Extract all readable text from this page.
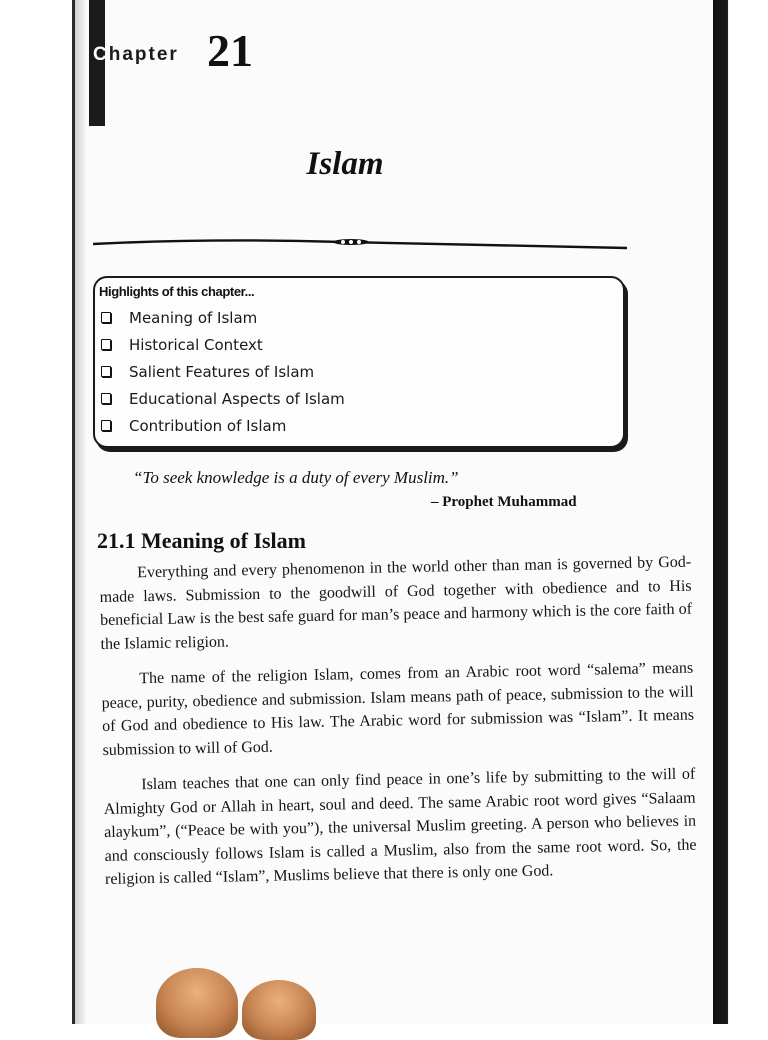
Chapter 21
Islam
Highlights of this chapter...
Meaning of Islam
Historical Context
Salient Features of Islam
Educational Aspects of Islam
Contribution of Islam
“To seek knowledge is a duty of every Muslim.”
– Prophet Muhammad
21.1 Meaning of Islam

Everything and every phenomenon in the world other than man is governed by God-made laws. Submission to the goodwill of God together with obedience and to His beneficial Law is the best safe guard for man’s peace and harmony which is the core faith of the Islamic religion.

The name of the religion Islam, comes from an Arabic root word “salema” means peace, purity, obedience and submission. Islam means path of peace, submission to the will of God and obedience to His law. The Arabic word for submission was “Islam”. It means submission to will of God.

Islam teaches that one can only find peace in one’s life by submitting to the will of Almighty God or Allah in heart, soul and deed. The same Arabic root word gives “Salaam alaykum”, (“Peace be with you”), the universal Muslim greeting. A person who believes in and consciously follows Islam is called a Muslim, also from the same root word. So, the religion is called “Islam”, Muslims believe that there is only one God.
